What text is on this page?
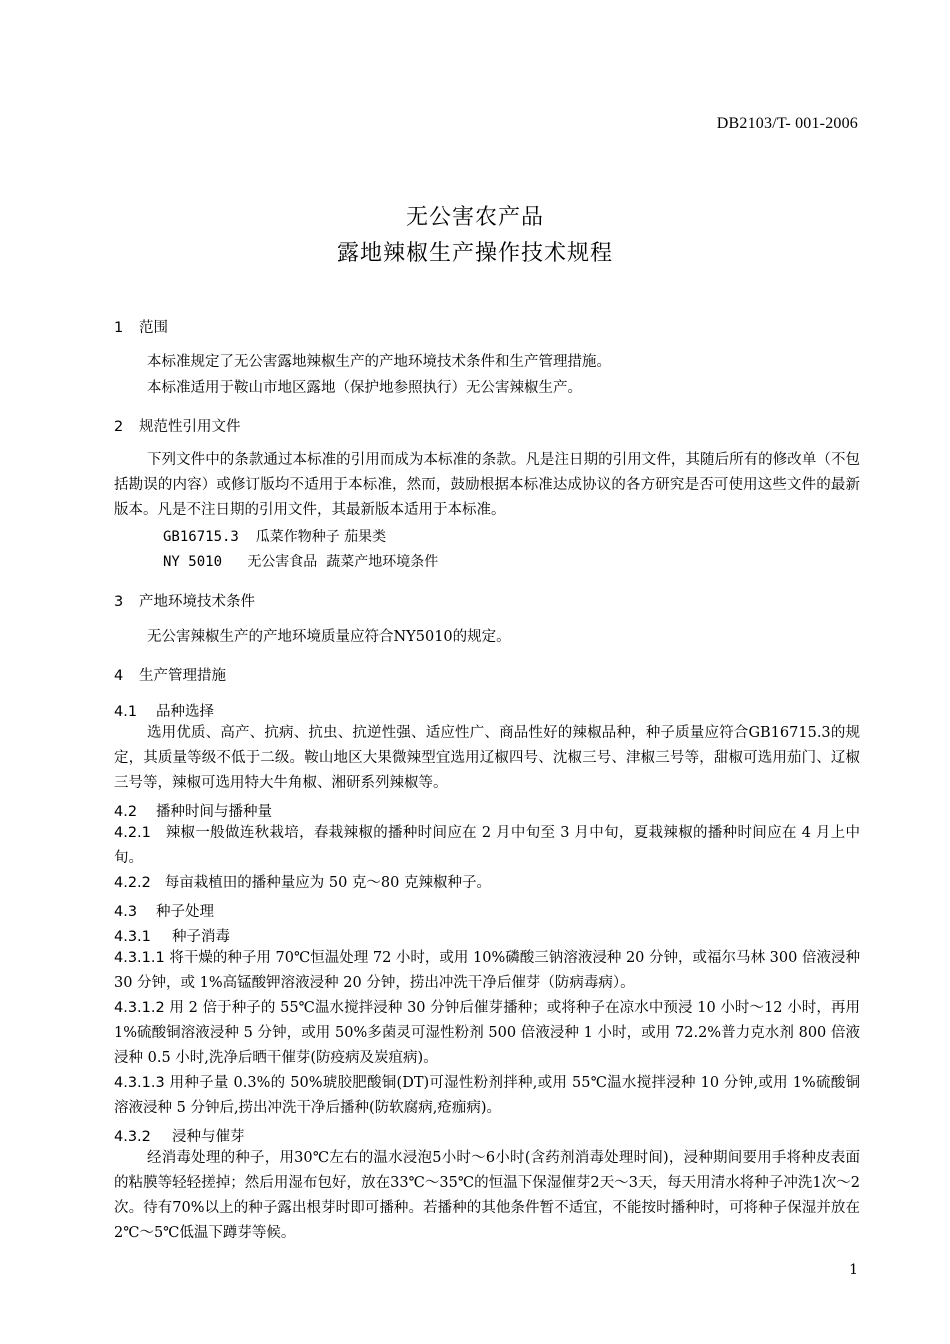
DB2103/T- 001-2006
无公害农产品
露地辣椒生产操作技术规程
1 范围
本标准规定了无公害露地辣椒生产的产地环境技术条件和生产管理措施。
本标准适用于鞍山市地区露地（保护地参照执行）无公害辣椒生产。
2 规范性引用文件
下列文件中的条款通过本标准的引用而成为本标准的条款。凡是注日期的引用文件，其随后所有的修改单（不包括勘误的内容）或修订版均不适用于本标准，然而，鼓励根据本标准达成协议的各方研究是否可使用这些文件的最新版本。凡是不注日期的引用文件，其最新版本适用于本标准。
GB16715.3 瓜菜作物种子 茄果类
NY 5010 无公害食品  蔬菜产地环境条件
3 产地环境技术条件
无公害辣椒生产的产地环境质量应符合NY5010的规定。
4 生产管理措施
4.1 品种选择
选用优质、高产、抗病、抗虫、抗逆性强、适应性广、商品性好的辣椒品种，种子质量应符合GB16715.3的规定，其质量等级不低于二级。鞍山地区大果微辣型宜选用辽椒四号、沈椒三号、津椒三号等，甜椒可选用茄门、辽椒三号等，辣椒可选用特大牛角椒、湘研系列辣椒等。
4.2 播种时间与播种量
4.2.1 辣椒一般做连秋栽培，春栽辣椒的播种时间应在 2 月中旬至 3 月中旬，夏栽辣椒的播种时间应在 4 月上中旬。
4.2.2 每亩栽植田的播种量应为 50 克～80 克辣椒种子。
4.3 种子处理
4.3.1 种子消毒
4.3.1.1 将干燥的种子用 70℃恒温处理 72 小时，或用 10%磷酸三钠溶液浸种 20 分钟，或福尔马林 300 倍液浸种 30 分钟，或 1%高锰酸钾溶液浸种 20 分钟，捞出冲洗干净后催芽（防病毒病）。
4.3.1.2 用 2 倍于种子的 55℃温水搅拌浸种 30 分钟后催芽播种；或将种子在凉水中预浸 10 小时～12 小时，再用 1%硫酸铜溶液浸种 5 分钟，或用 50%多菌灵可湿性粉剂 500 倍液浸种 1 小时，或用 72.2%普力克水剂 800 倍液浸种 0.5 小时,洗净后晒干催芽(防疫病及炭疽病)。
4.3.1.3 用种子量 0.3%的 50%琥胶肥酸铜(DT)可湿性粉剂拌种,或用 55℃温水搅拌浸种 10 分钟,或用 1%硫酸铜溶液浸种 5 分钟后,捞出冲洗干净后播种(防软腐病,疮痂病)。
4.3.2 浸种与催芽
经消毒处理的种子，用30℃左右的温水浸泡5小时～6小时(含药剂消毒处理时间)，浸种期间要用手将种皮表面的粘膜等轻轻搓掉；然后用湿布包好，放在33℃～35℃的恒温下保湿催芽2天～3天，每天用清水将种子冲洗1次～2次。待有70%以上的种子露出根芽时即可播种。若播种的其他条件暂不适宜，不能按时播种时，可将种子保湿并放在2℃～5℃低温下蹲芽等候。
1
